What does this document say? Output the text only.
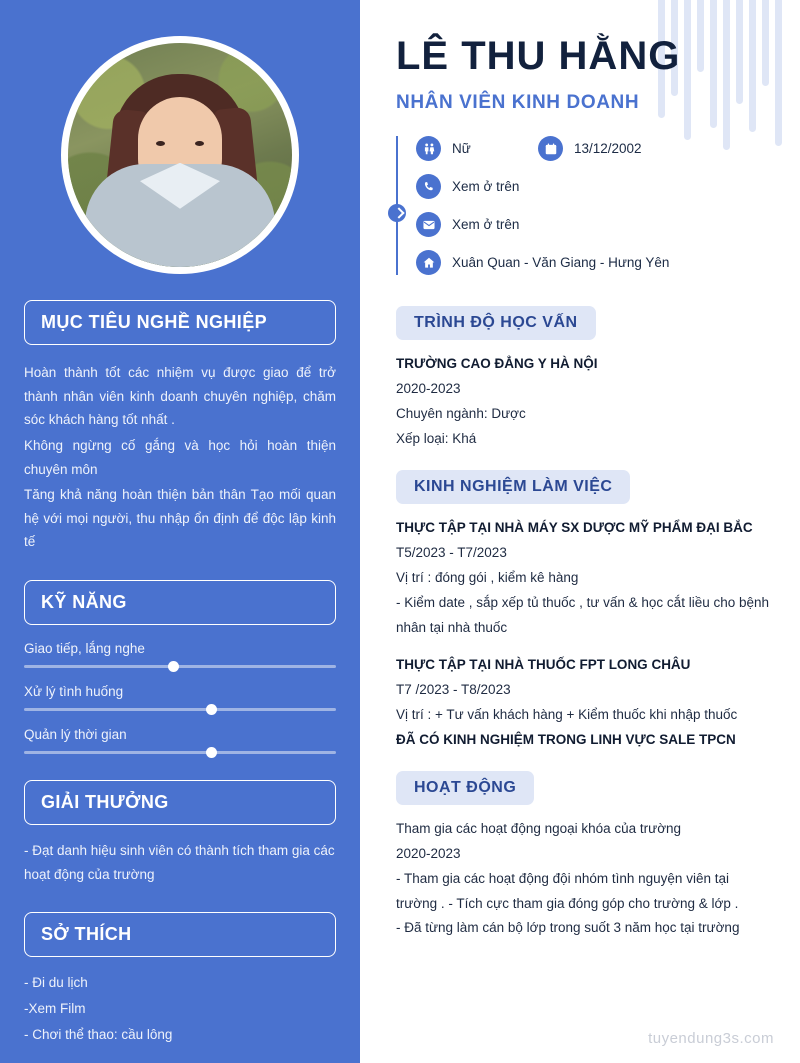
MỤC TIÊU NGHỀ NGHIỆP

Hoàn thành tốt các nhiệm vụ được giao để trở thành nhân viên kinh doanh chuyên nghiệp, chăm sóc khách hàng tốt nhất .

Không ngừng cố gắng và học hỏi hoàn thiện chuyên môn

Tăng khả năng hoàn thiện bản thân Tạo mối quan hệ với mọi người, thu nhập ổn định để độc lập kinh tế

KỸ NĂNG
Giao tiếp, lắng nghe
Xử lý tình huống
Quản lý thời gian
GIẢI THƯỞNG

- Đạt danh hiệu sinh viên có thành tích tham gia các hoạt động của trường

SỞ THÍCH

- Đi du lịch

-Xem Film

- Chơi thể thao: cầu lông

LÊ THU HẰNG
NHÂN VIÊN KINH DOANH
Nữ	13/12/2002
Xem ở trên
Xem ở trên
Xuân Quan - Văn Giang - Hưng Yên
TRÌNH ĐỘ HỌC VẤN
TRƯỜNG CAO ĐẲNG Y HÀ NỘI
2020-2023
Chuyên ngành: Dược
Xếp loại: Khá
KINH NGHIỆM LÀM VIỆC
THỰC TẬP TẠI NHÀ MÁY SX DƯỢC MỸ PHẨM ĐẠI BẮC
T5/2023 - T7/2023
Vị trí : đóng gói , kiểm kê hàng
- Kiểm date , sắp xếp tủ thuốc , tư vấn & học cắt liều cho bệnh nhân tại nhà thuốc
THỰC TẬP TẠI NHÀ THUỐC FPT LONG CHÂU
T7 /2023 - T8/2023
Vị trí : + Tư vấn khách hàng + Kiểm thuốc khi nhập thuốc
ĐÃ CÓ KINH NGHIỆM TRONG LINH VỰC SALE TPCN
HOẠT ĐỘNG
Tham gia các hoạt động ngoại khóa của trường
2020-2023
- Tham gia các hoạt động đội nhóm tình nguyện viên tại trường . - Tích cực tham gia đóng góp cho trường & lớp .
- Đã từng làm cán bộ lớp trong suốt 3 năm học tại trường
tuyendung3s.com
